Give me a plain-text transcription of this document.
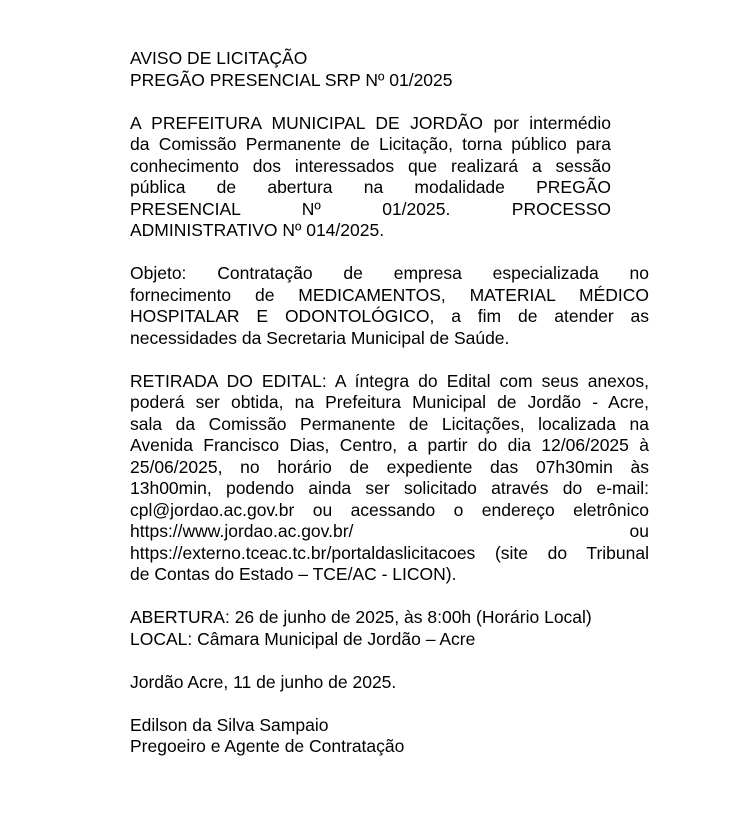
AVISO DE LICITAÇÃO
PREGÃO PRESENCIAL SRP Nº 01/2025
A PREFEITURA MUNICIPAL DE JORDÃO por intermédio
da Comissão Permanente de Licitação, torna público para
conhecimento dos interessados que realizará a sessão
pública de abertura na modalidade PREGÃO
PRESENCIAL Nº 01/2025. PROCESSO
ADMINISTRATIVO Nº 014/2025.
Objeto: Contratação de empresa especializada no
fornecimento de MEDICAMENTOS, MATERIAL MÉDICO
HOSPITALAR E ODONTOLÓGICO, a fim de atender as
necessidades da Secretaria Municipal de Saúde.
RETIRADA DO EDITAL: A íntegra do Edital com seus anexos,
poderá ser obtida, na Prefeitura Municipal de Jordão - Acre,
sala da Comissão Permanente de Licitações, localizada na
Avenida Francisco Dias, Centro, a partir do dia 12/06/2025 à
25/06/2025, no horário de expediente das 07h30min às
13h00min, podendo ainda ser solicitado através do e-mail:
cpl@jordao.ac.gov.br ou acessando o endereço eletrônico
https://www.jordao.ac.gov.br/ ou
https://externo.tceac.tc.br/portaldaslicitacoes (site do Tribunal
de Contas do Estado – TCE/AC - LICON).
ABERTURA: 26 de junho de 2025, às 8:00h (Horário Local)
LOCAL: Câmara Municipal de Jordão – Acre
Jordão Acre, 11 de junho de 2025.
Edilson da Silva Sampaio
Pregoeiro e Agente de Contratação
